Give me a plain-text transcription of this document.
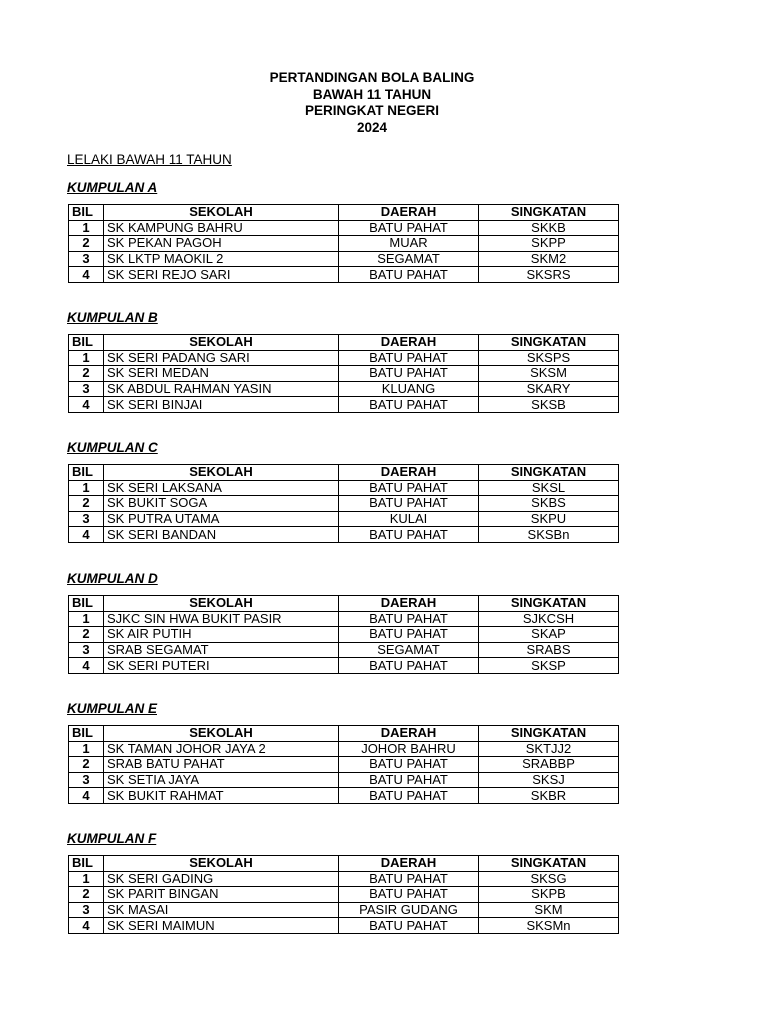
PERTANDINGAN BOLA BALING
BAWAH 11 TAHUN
PERINGKAT NEGERI
2024
LELAKI BAWAH 11 TAHUN
KUMPULAN A
BIL	SEKOLAH	DAERAH	SINGKATAN
1	SK KAMPUNG BAHRU	BATU PAHAT	SKKB
2	SK PEKAN PAGOH	MUAR	SKPP
3	SK LKTP MAOKIL 2	SEGAMAT	SKM2
4	SK SERI REJO SARI	BATU PAHAT	SKSRS
KUMPULAN B
BIL	SEKOLAH	DAERAH	SINGKATAN
1	SK SERI PADANG SARI	BATU PAHAT	SKSPS
2	SK SERI MEDAN	BATU PAHAT	SKSM
3	SK ABDUL RAHMAN YASIN	KLUANG	SKARY
4	SK SERI BINJAI	BATU PAHAT	SKSB
KUMPULAN C
BIL	SEKOLAH	DAERAH	SINGKATAN
1	SK SERI LAKSANA	BATU PAHAT	SKSL
2	SK BUKIT SOGA	BATU PAHAT	SKBS
3	SK PUTRA UTAMA	KULAI	SKPU
4	SK SERI BANDAN	BATU PAHAT	SKSBn
KUMPULAN D
BIL	SEKOLAH	DAERAH	SINGKATAN
1	SJKC SIN HWA BUKIT PASIR	BATU PAHAT	SJKCSH
2	SK AIR PUTIH	BATU PAHAT	SKAP
3	SRAB SEGAMAT	SEGAMAT	SRABS
4	SK SERI PUTERI	BATU PAHAT	SKSP
KUMPULAN E
BIL	SEKOLAH	DAERAH	SINGKATAN
1	SK TAMAN JOHOR JAYA 2	JOHOR BAHRU	SKTJJ2
2	SRAB BATU PAHAT	BATU PAHAT	SRABBP
3	SK SETIA JAYA	BATU PAHAT	SKSJ
4	SK BUKIT RAHMAT	BATU PAHAT	SKBR
KUMPULAN F
BIL	SEKOLAH	DAERAH	SINGKATAN
1	SK SERI GADING	BATU PAHAT	SKSG
2	SK PARIT BINGAN	BATU PAHAT	SKPB
3	SK MASAI	PASIR GUDANG	SKM
4	SK SERI MAIMUN	BATU PAHAT	SKSMn
